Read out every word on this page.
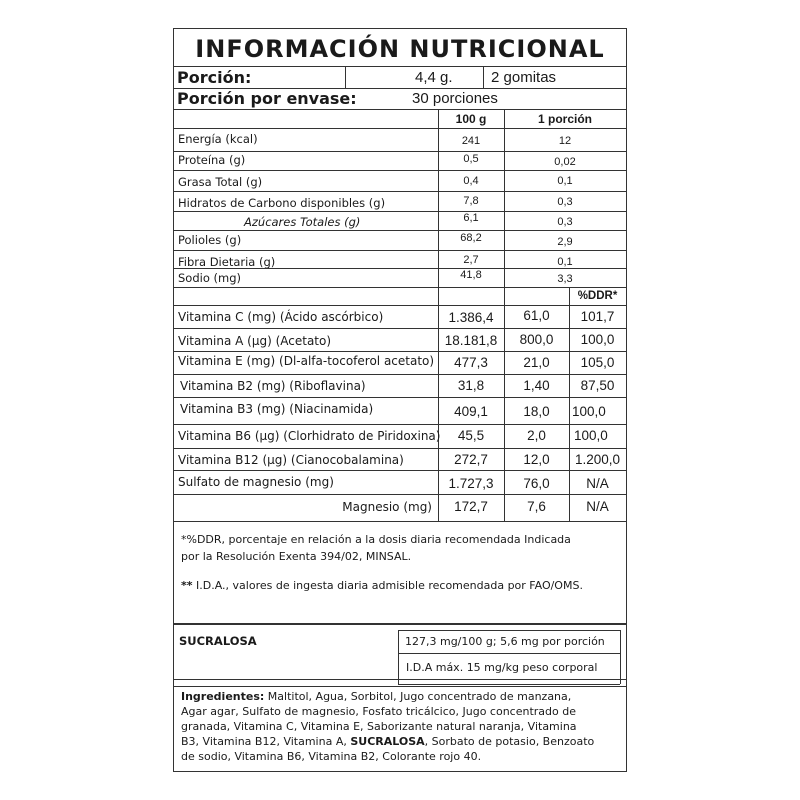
INFORMACIÓN NUTRICIONAL
Porción:	4,4 g.	2 gomitas
Porción por envase:	30 porciones
100 g	1 porción
Energía (kcal)	241	12
Proteína (g)	0,5	0,02
Grasa Total (g)	0,4	0,1
Hidratos de Carbono disponibles (g)	7,8	0,3
Azúcares Totales (g)	6,1	0,3
Polioles (g)	68,2	2,9
Fibra Dietaria (g)	2,7	0,1
Sodio (mg)	41,8	3,3
%DDR*
Vitamina C (mg) (Ácido ascórbico)	1.386,4	61,0	101,7
Vitamina A (µg) (Acetato)	18.181,8	800,0	100,0
Vitamina E (mg) (Dl-alfa-tocoferol acetato)	477,3	21,0	105,0
Vitamina B2 (mg) (Riboflavina)	31,8	1,40	87,50
Vitamina B3 (mg) (Niacinamida)	409,1	18,0	100,0
Vitamina B6 (µg) (Clorhidrato de Piridoxina)	45,5	2,0	100,0
Vitamina B12 (µg) (Cianocobalamina)	272,7	12,0	1.200,0
Sulfato de magnesio (mg)	1.727,3	76,0	N/A
Magnesio (mg)	172,7	7,6	N/A
*%DDR, porcentaje en relación a la dosis diaria recomendada Indicada
por la Resolución Exenta 394/02, MINSAL.
** I.D.A., valores de ingesta diaria admisible recomendada por FAO/OMS.
SUCRALOSA	127,3 mg/100 g; 5,6 mg por porción
I.D.A máx. 15 mg/kg peso corporal
Ingredientes: Maltitol, Agua, Sorbitol, Jugo concentrado de manzana,
Agar agar, Sulfato de magnesio, Fosfato tricálcico, Jugo concentrado de
granada, Vitamina C, Vitamina E, Saborizante natural naranja, Vitamina
B3, Vitamina B12, Vitamina A, SUCRALOSA, Sorbato de potasio, Benzoato
de sodio, Vitamina B6, Vitamina B2, Colorante rojo 40.
